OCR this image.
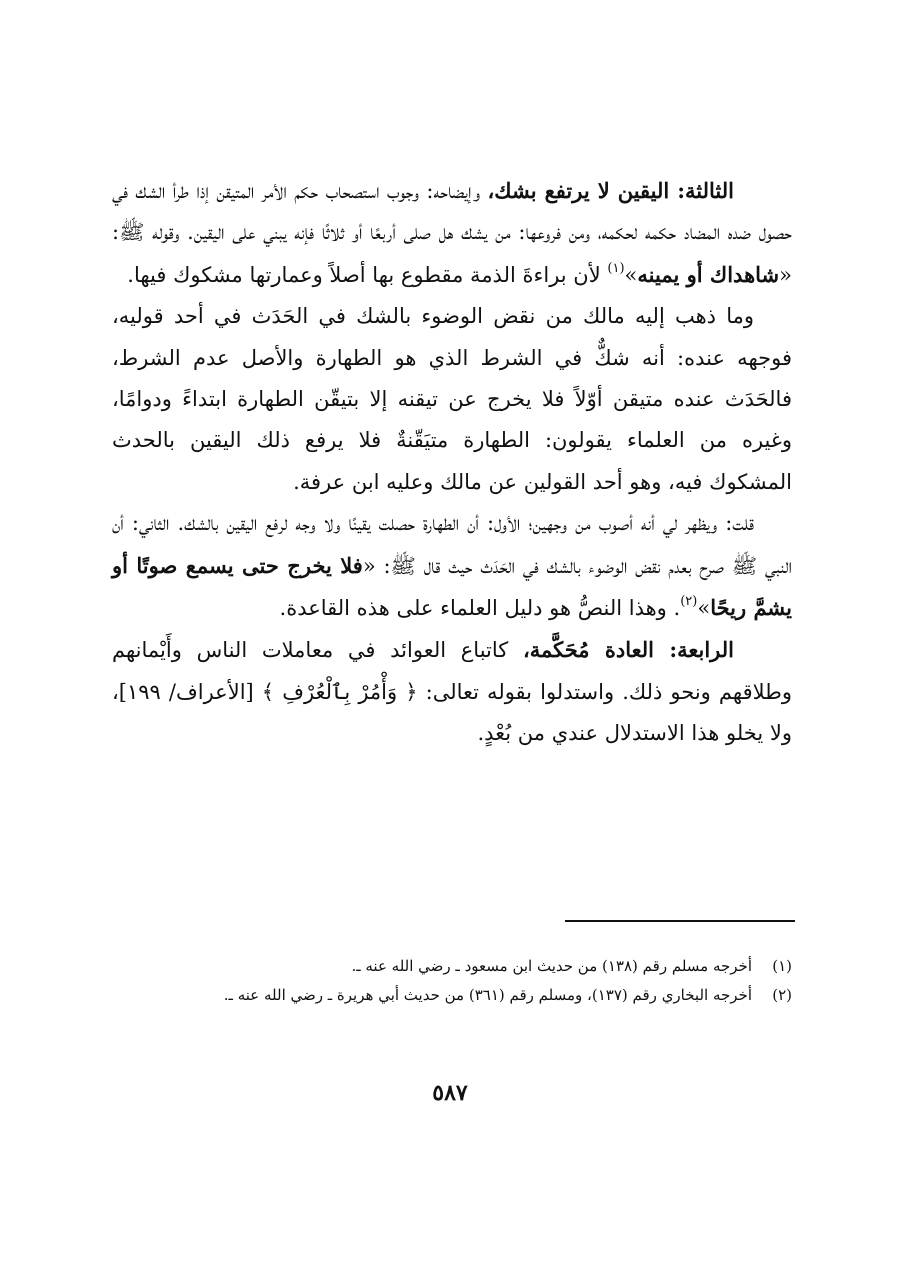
الثالثة: اليقين لا يرتفع بشك، وإيضاحه: وجوب استصحاب حكم الأمر المتيقن إذا طرأ الشك في حصول ضده المضاد حكمه لحكمه، ومن فروعها: من يشك هل صلى أربعًا أو ثلاثًا فإنه يبني على اليقين. وقوله ﷺ: «شاهداك أو يمينه»$^{(١)}$ لأن براءةَ الذمة مقطوع بها أصلاً وعمارتها مشكوك فيها.

وما ذهب إليه مالك من نقض الوضوء بالشك في الحَدَث في أحد قوليه، فوجهه عنده: أنه شكٌّ في الشرط الذي هو الطهارة والأصل عدم الشرط، فالحَدَث عنده متيقن أوّلاً فلا يخرج عن تيقنه إلا بتيقّن الطهارة ابتداءً ودوامًا، وغيره من العلماء يقولون: الطهارة متيَقّنةٌ فلا يرفع ذلك اليقين بالحدث المشكوك فيه، وهو أحد القولين عن مالك وعليه ابن عرفة.

قلت: ويظهر لي أنه أصوب من وجهين؛ الأول: أن الطهارة حصلت يقينًا ولا وجه لرفع اليقين بالشك. الثاني: أن النبي ﷺ صرح بعدم نقض الوضوء بالشك في الحَدَث حيث قال ﷺ: «فلا يخرج حتى يسمع صوتًا أو يشمَّ ريحًا»$^{(٢)}$. وهذا النصُّ هو دليل العلماء على هذه القاعدة.

الرابعة: العادة مُحَكَّمة، كاتباع العوائد في معاملات الناس وأَيْمانهم وطلاقهم ونحو ذلك. واستدلوا بقوله تعالى: ﴿ وَأْمُرْ بِٱلْعُرْفِ ﴾ [الأعراف/ ١٩٩]، ولا يخلو هذا الاستدلال عندي من بُعْدٍ.

(١)
أخرجه مسلم رقم (١٣٨) من حديث ابن مسعود ـ رضي الله عنه ـ.
(٢)
أخرجه البخاري رقم (١٣٧)، ومسلم رقم (٣٦١) من حديث أبي هريرة ـ رضي الله عنه ـ.
٥٨٧
